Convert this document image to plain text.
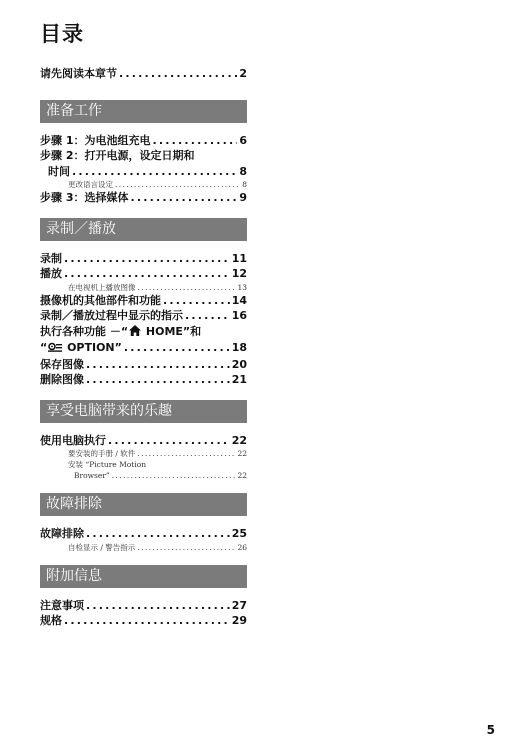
目录
请先阅读本章节 .....	2
准备工作
步骤 1：为电池组充电 .....	6
步骤 2：打开电源，设定日期和
时间 .....	8
更改语言设定 .....	8
步骤 3：选择媒体 .....	9
录制／播放
录制 .....	11
播放 .....	12
在电视机上播放图像 .....	13
摄像机的其他部件和功能 .....	14
录制／播放过程中显示的指示 .....	16
执行各种功能 －“ HOME”和
“ OPTION” .....	18
保存图像 .....	20
删除图像 .....	21
享受电脑带来的乐趣
使用电脑执行 .....	22
要安装的手册 / 软件 .....	22
安装 “Picture Motion
Browser” .....	22
故障排除
故障排除 .....	25
自检显示 / 警告指示 .....	26
附加信息
注意事项 .....	27
规格 .....	29
5
